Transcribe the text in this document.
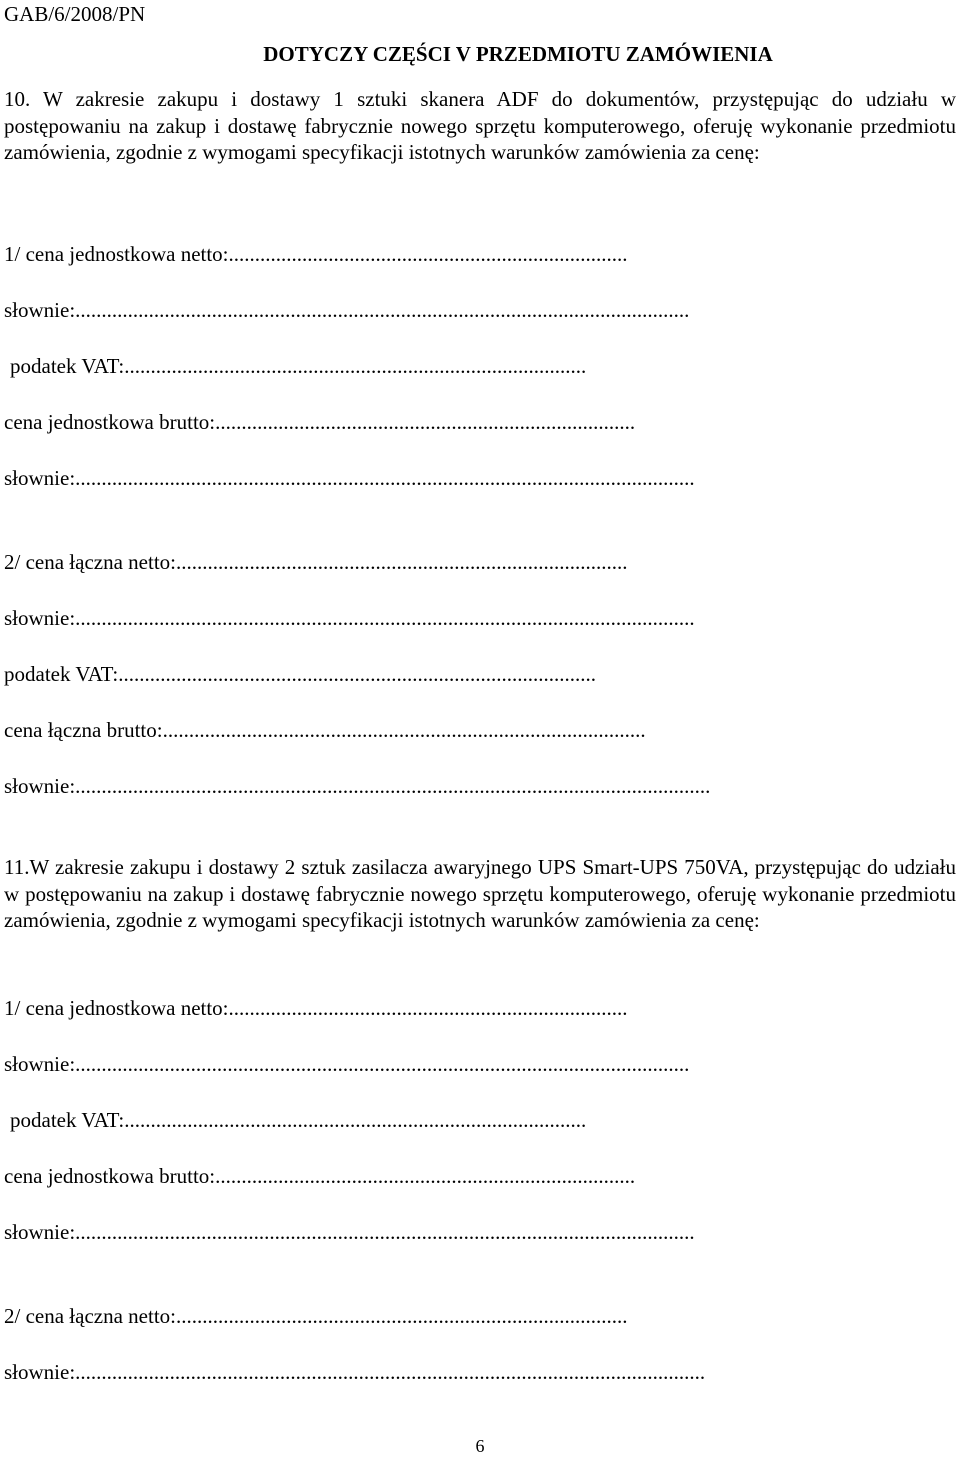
GAB/6/2008/PN
DOTYCZY CZĘŚCI V PRZEDMIOTU ZAMÓWIENIA
10. W zakresie zakupu i dostawy 1 sztuki skanera ADF do dokumentów, przystępując do udziału w postępowaniu na zakup i dostawę fabrycznie nowego sprzętu komputerowego, oferuję wykonanie przedmiotu zamówienia, zgodnie z wymogami specyfikacji istotnych warunków zamówienia za cenę:
1/ cena jednostkowa netto:............................................................................
słownie:.....................................................................................................................
podatek VAT:........................................................................................
cena jednostkowa brutto:................................................................................
słownie:......................................................................................................................
2/ cena łączna netto:......................................................................................
słownie:......................................................................................................................
podatek VAT:...........................................................................................
cena łączna brutto:............................................................................................
słownie:.........................................................................................................................
11.W zakresie zakupu i dostawy 2 sztuk zasilacza awaryjnego UPS Smart-UPS 750VA, przystępując do udziału w postępowaniu na zakup i dostawę fabrycznie nowego sprzętu komputerowego, oferuję wykonanie przedmiotu zamówienia, zgodnie z wymogami specyfikacji istotnych warunków zamówienia za cenę:
1/ cena jednostkowa netto:............................................................................
słownie:.....................................................................................................................
podatek VAT:........................................................................................
cena jednostkowa brutto:................................................................................
słownie:......................................................................................................................
2/ cena łączna netto:......................................................................................
słownie:........................................................................................................................
6
